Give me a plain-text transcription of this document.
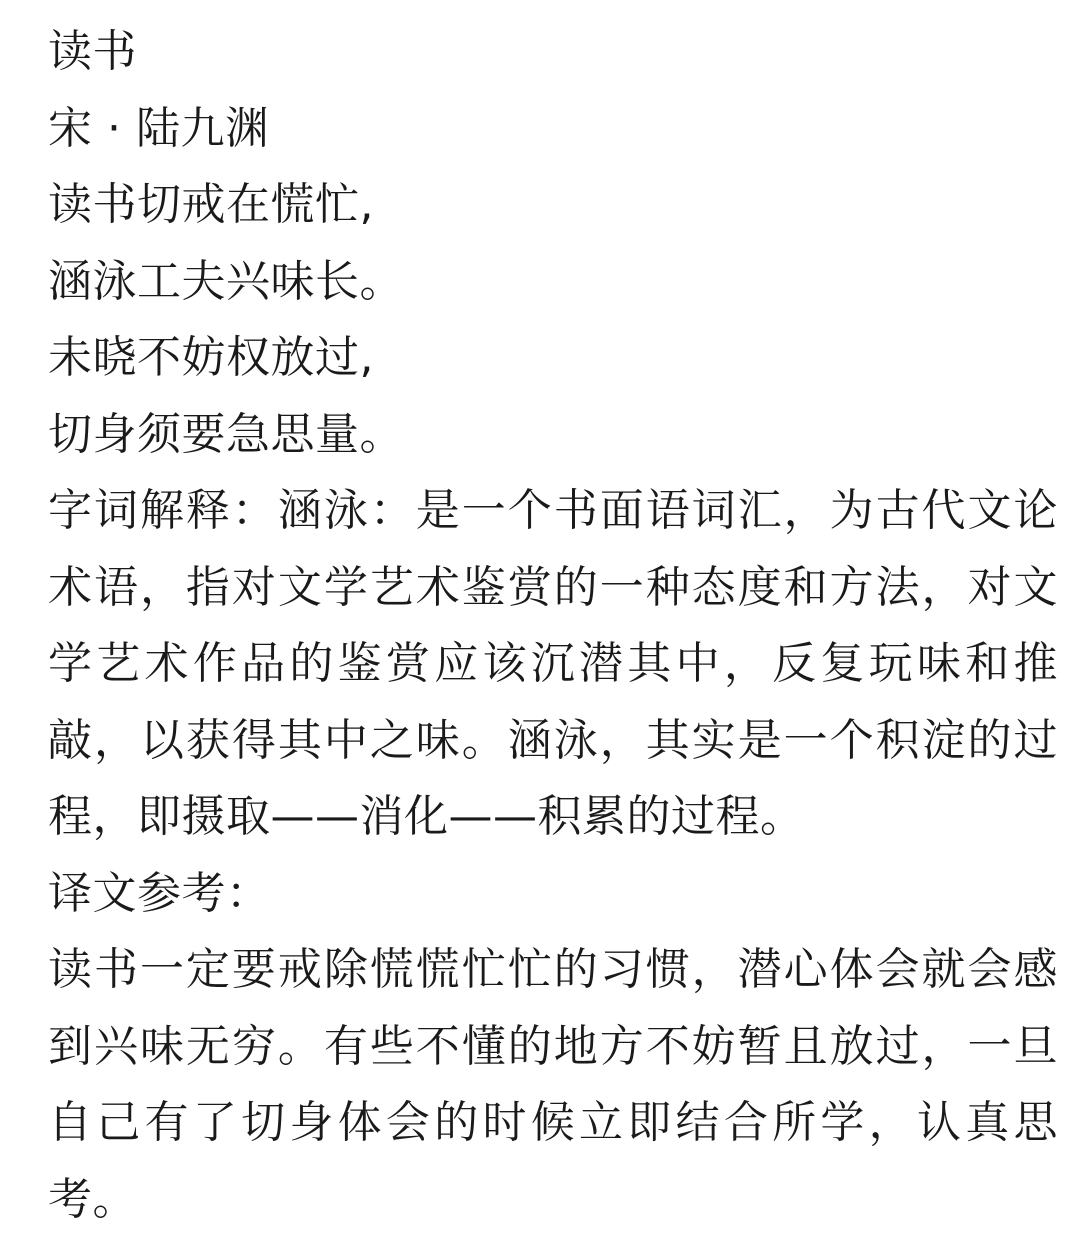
读书
宋 · 陆九渊
读书切戒在慌忙,
涵泳工夫兴味长。
未晓不妨权放过,
切身须要急思量。
字词解释：涵泳：是一个书面语词汇，为古代文论术语，指对文学艺术鉴赏的一种态度和方法，对文学艺术作品的鉴赏应该沉潜其中，反复玩味和推敲，以获得其中之味。涵泳，其实是一个积淀的过程，即摄取——消化——积累的过程。
译文参考：
读书一定要戒除慌慌忙忙的习惯，潜心体会就会感到兴味无穷。有些不懂的地方不妨暂且放过，一旦自己有了切身体会的时候立即结合所学，认真思考。
